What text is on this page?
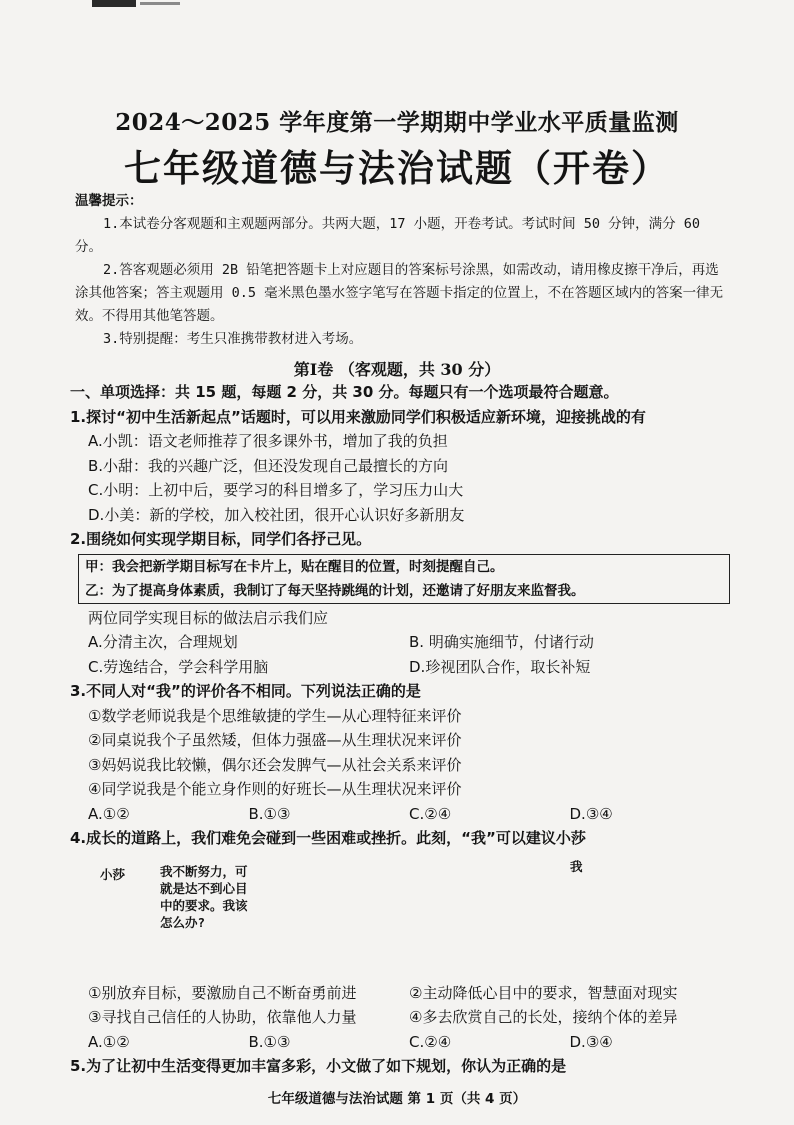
2024～2025 学年度第一学期期中学业水平质量监测
七年级道德与法治试题（开卷）
温馨提示：
1.本试卷分客观题和主观题两部分。共两大题，17 小题，开卷考试。考试时间 50 分钟，满分 60 分。
2.答客观题必须用 2B 铅笔把答题卡上对应题目的答案标号涂黑，如需改动，请用橡皮擦干净后，再选涂其他答案；答主观题用 0.5 毫米黑色墨水签字笔写在答题卡指定的位置上，不在答题区域内的答案一律无效。不得用其他笔答题。
3.特别提醒：考生只准携带教材进入考场。
第Ⅰ卷 （客观题，共 30 分）
一、单项选择：共 15 题，每题 2 分，共 30 分。每题只有一个选项最符合题意。
1.探讨“初中生活新起点”话题时，可以用来激励同学们积极适应新环境，迎接挑战的有
A.小凯：语文老师推荐了很多课外书，增加了我的负担
B.小甜：我的兴趣广泛，但还没发现自己最擅长的方向
C.小明：上初中后，要学习的科目增多了，学习压力山大
D.小美：新的学校，加入校社团，很开心认识好多新朋友
2.围绕如何实现学期目标，同学们各抒己见。
甲：我会把新学期目标写在卡片上，贴在醒目的位置，时刻提醒自己。
乙：为了提高身体素质，我制订了每天坚持跳绳的计划，还邀请了好朋友来监督我。
两位同学实现目标的做法启示我们应
A.分清主次，合理规划	B. 明确实施细节，付诸行动
C.劳逸结合，学会科学用脑	D.珍视团队合作，取长补短
3.不同人对“我”的评价各不相同。下列说法正确的是
①数学老师说我是个思维敏捷的学生—从心理特征来评价
②同桌说我个子虽然矮，但体力强盛—从生理状况来评价
③妈妈说我比较懒，偶尔还会发脾气—从社会关系来评价
④同学说我是个能立身作则的好班长—从生理状况来评价
A.①②	B.①③	C.②④	D.③④
4.成长的道路上，我们难免会碰到一些困难或挫折。此刻，“我”可以建议小莎
小莎	我不断努力，可
就是达不到心目
中的要求。我该
怎么办?
我
①别放弃目标，要激励自己不断奋勇前进	②主动降低心目中的要求，智慧面对现实
③寻找自己信任的人协助，依靠他人力量	④多去欣赏自己的长处，接纳个体的差异
A.①②	B.①③	C.②④	D.③④
5.为了让初中生活变得更加丰富多彩，小文做了如下规划，你认为正确的是
七年级道德与法治试题 第 1 页（共 4 页）
